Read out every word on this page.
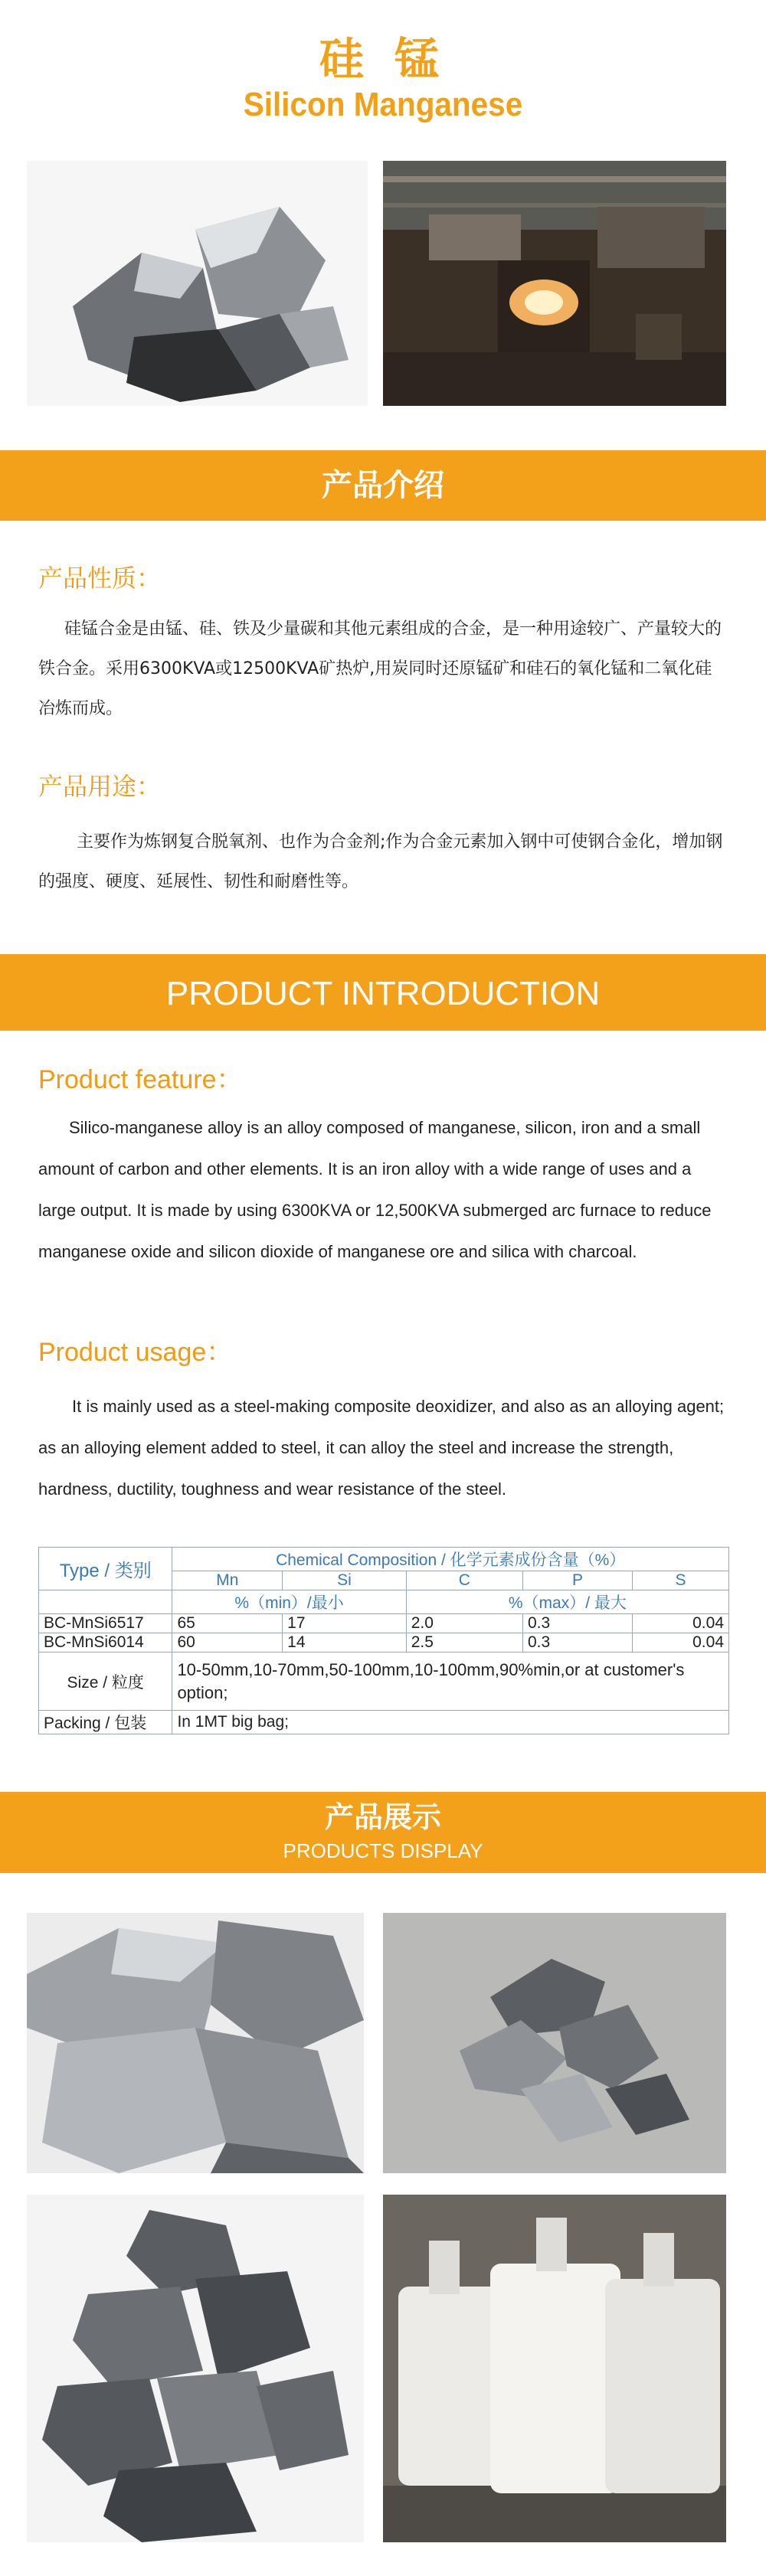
硅 锰
Silicon Manganese
产品介绍
产品性质：
硅锰合金是由锰、硅、铁及少量碳和其他元素组成的合金，是一种用途较广、产量较大的铁合金。采用6300KVA或12500KVA矿热炉,用炭同时还原锰矿和硅石的氧化锰和二氧化硅冶炼而成。
产品用途：
主要作为炼钢复合脱氧剂、也作为合金剂;作为合金元素加入钢中可使钢合金化，增加钢的强度、硬度、延展性、韧性和耐磨性等。
PRODUCT INTRODUCTION
Product feature：
Silico-manganese alloy is an alloy composed of manganese, silicon, iron and a small amount of carbon and other elements. It is an iron alloy with a wide range of uses and a large output. It is made by using 6300KVA or 12,500KVA submerged arc furnace to reduce manganese oxide and silicon dioxide of manganese ore and silica with charcoal.
Product usage：
It is mainly used as a steel-making composite deoxidizer, and also as an alloying agent; as an alloying element added to steel, it can alloy the steel and increase the strength, hardness, ductility, toughness and wear resistance of the steel.
Type / 类别	Chemical Composition / 化学元素成份含量（%）				
	Mn	Si	C	P	S
	%（min）/最小		%（max）/ 最大		
BC-MnSi6517	65	17	2.0	0.3	0.04
BC-MnSi6014	60	14	2.5	0.3	0.04
Size / 粒度	10-50mm,10-70mm,50-100mm,10-100mm,90%min,or at customer's option;				
Packing / 包装	In 1MT big bag;				
产品展示
PRODUCTS DISPLAY
